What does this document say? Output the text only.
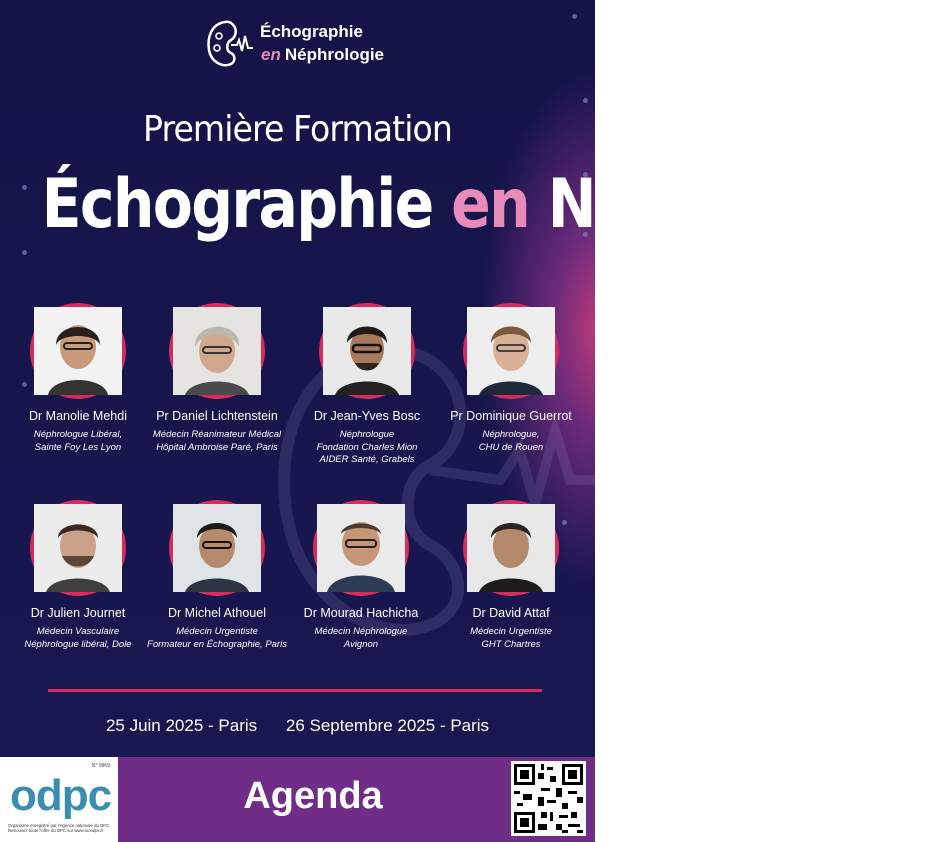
Échographie
en Néphrologie
Première Formation
Échographie en Néphrologie
Dr Manolie Mehdi
Néphrologue Libéral,
Sainte Foy Les Lyon
Pr Daniel Lichtenstein
Médecin Réanimateur Médical
Hôpital Ambroise Paré, Paris
Dr Jean-Yves Bosc
Néphrologue
Fondation Charles Mion
AIDER Santé, Grabels
Pr Dominique Guerrot
Néphrologue,
CHU de Rouen
Dr Julien Journet
Médecin Vasculaire
Néphrologue libéral, Dole
Dr Michel Athouel
Médecin Urgentiste
Formateur en Échographie, Paris
Dr Mourad Hachicha
Médecin Néphrologue
Avignon
Dr David Attaf
Médecin Urgentiste
GHT Chartres
25 Juin 2025 - Paris 26 Septembre 2025 - Paris
N° 9969
odpc
Organisme enregistré par l'Agence nationale du DPC. Retrouvez toute l'offre du DPC sur www.mondpc.fr
Agenda
